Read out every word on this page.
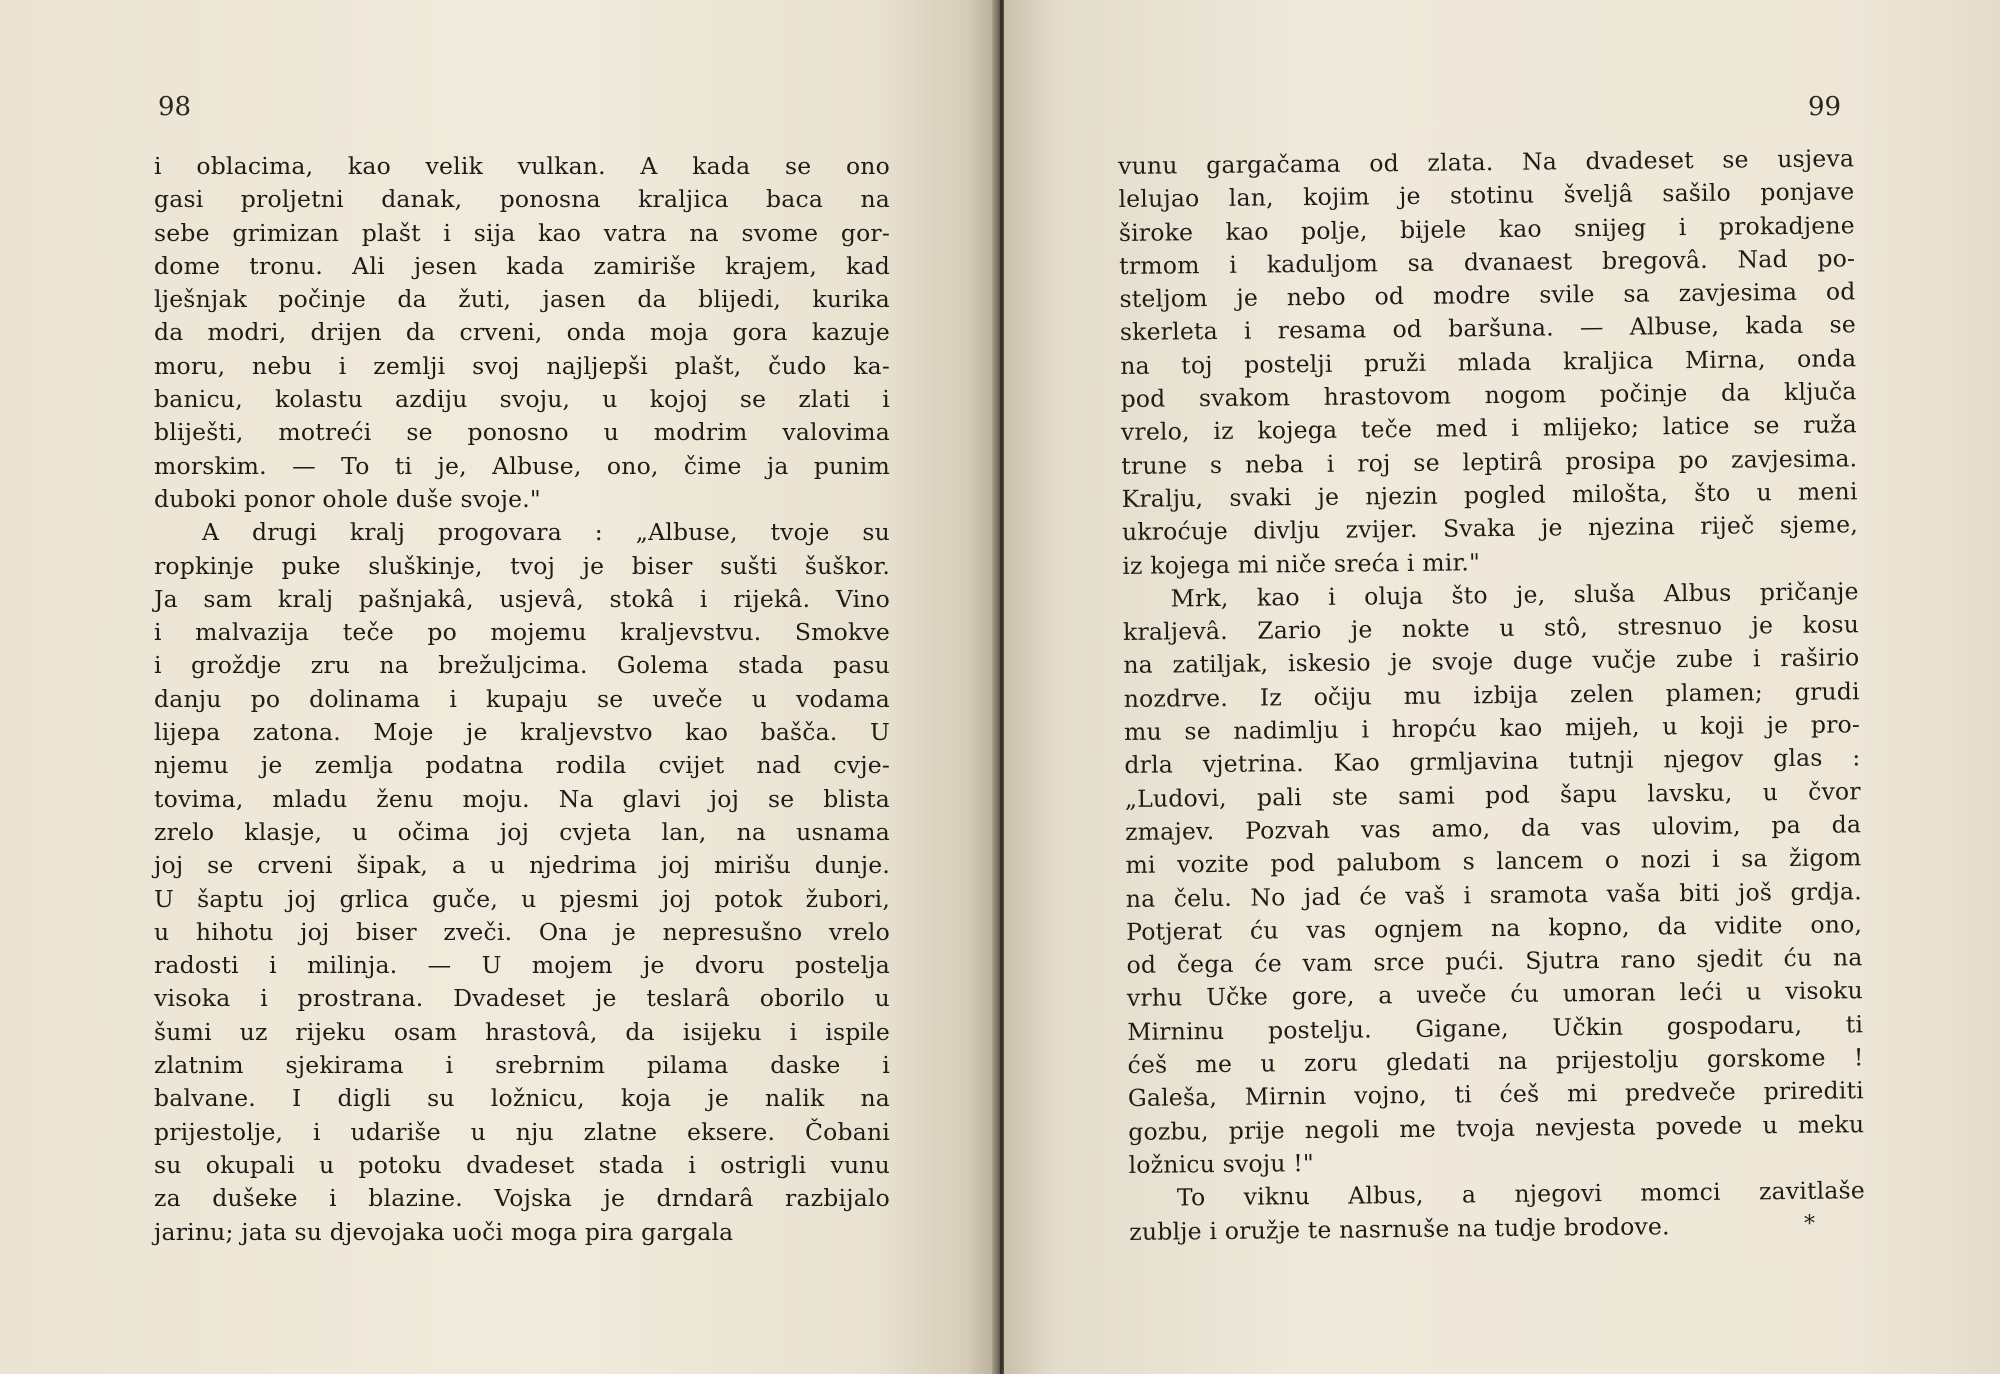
98
i oblacima, kao velik vulkan. A kada se ono
gasi proljetni danak, ponosna kraljica baca na
sebe grimizan plašt i sija kao vatra na svome gor-
dome tronu. Ali jesen kada zamiriše krajem, kad
lješnjak počinje da žuti, jasen da blijedi, kurika
da modri, drijen da crveni, onda moja gora kazuje
moru, nebu i zemlji svoj najljepši plašt, čudo ka-
banicu, kolastu azdiju svoju, u kojoj se zlati i
bliješti, motreći se ponosno u modrim valovima
morskim. — To ti je, Albuse, ono, čime ja punim
duboki ponor ohole duše svoje."
A drugi kralj progovara : „Albuse, tvoje su
ropkinje puke sluškinje, tvoj je biser sušti šuškor.
Ja sam kralj pašnjakâ, usjevâ, stokâ i rijekâ. Vino
i malvazija teče po mojemu kraljevstvu. Smokve
i groždje zru na brežuljcima. Golema stada pasu
danju po dolinama i kupaju se uveče u vodama
lijepa zatona. Moje je kraljevstvo kao bašča. U
njemu je zemlja podatna rodila cvijet nad cvje-
tovima, mladu ženu moju. Na glavi joj se blista
zrelo klasje, u očima joj cvjeta lan, na usnama
joj se crveni šipak, a u njedrima joj mirišu dunje.
U šaptu joj grlica guče, u pjesmi joj potok žubori,
u hihotu joj biser zveči. Ona je nepresušno vrelo
radosti i milinja. — U mojem je dvoru postelja
visoka i prostrana. Dvadeset je teslarâ oborilo u
šumi uz rijeku osam hrastovâ, da isijeku i ispile
zlatnim sjekirama i srebrnim pilama daske i
balvane. I digli su ložnicu, koja je nalik na
prijestolje, i udariše u nju zlatne eksere. Čobani
su okupali u potoku dvadeset stada i ostrigli vunu
za dušeke i blazine. Vojska je drndarâ razbijalo
jarinu; jata su djevojaka uoči moga pira gargala
99
vunu gargačama od zlata. Na dvadeset se usjeva
lelujao lan, kojim je stotinu šveljâ sašilo ponjave
široke kao polje, bijele kao snijeg i prokadjene
trmom i kaduljom sa dvanaest bregovâ. Nad po-
steljom je nebo od modre svile sa zavjesima od
skerleta i resama od baršuna. — Albuse, kada se
na toj postelji pruži mlada kraljica Mirna, onda
pod svakom hrastovom nogom počinje da ključa
vrelo, iz kojega teče med i mlijeko; latice se ruža
trune s neba i roj se leptirâ prosipa po zavjesima.
Kralju, svaki je njezin pogled milošta, što u meni
ukroćuje divlju zvijer. Svaka je njezina riječ sjeme,
iz kojega mi niče sreća i mir."
Mrk, kao i oluja što je, sluša Albus pričanje
kraljevâ. Zario je nokte u stô, stresnuo je kosu
na zatiljak, iskesio je svoje duge vučje zube i raširio
nozdrve. Iz očiju mu izbija zelen plamen; grudi
mu se nadimlju i hropću kao mijeh, u koji je pro-
drla vjetrina. Kao grmljavina tutnji njegov glas :
„Ludovi, pali ste sami pod šapu lavsku, u čvor
zmajev. Pozvah vas amo, da vas ulovim, pa da
mi vozite pod palubom s lancem o nozi i sa žigom
na čelu. No jad će vaš i sramota vaša biti još grdja.
Potjerat ću vas ognjem na kopno, da vidite ono,
od čega će vam srce pući. Sjutra rano sjedit ću na
vrhu Učke gore, a uveče ću umoran leći u visoku
Mirninu postelju. Gigane, Učkin gospodaru, ti
ćeš me u zoru gledati na prijestolju gorskome !
Galeša, Mirnin vojno, ti ćeš mi predveče prirediti
gozbu, prije negoli me tvoja nevjesta povede u meku
ložnicu svoju !"
To viknu Albus, a njegovi momci zavitlaše
zublje i oružje te nasrnuše na tudje brodove.	*
